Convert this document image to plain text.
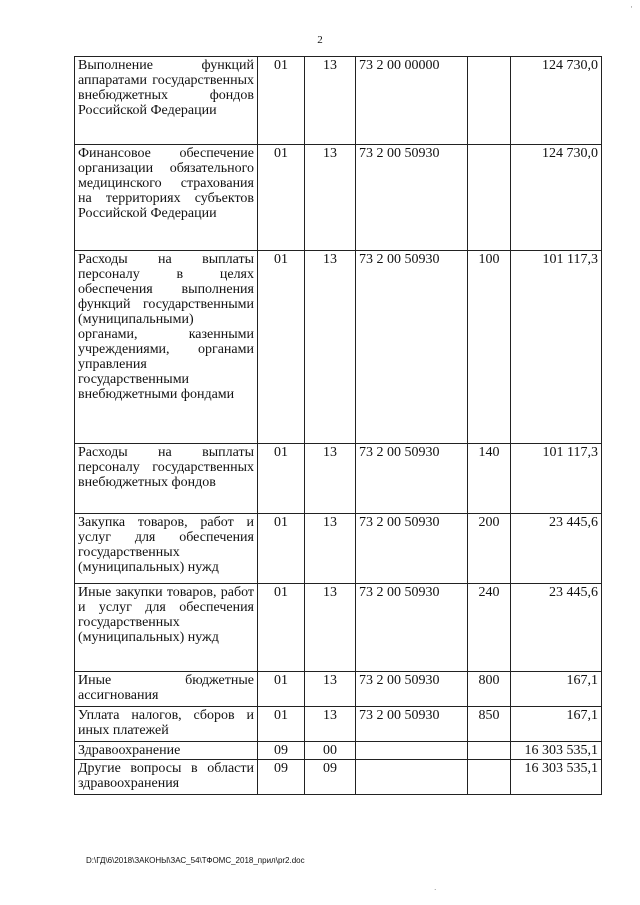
·
2
Выполнение функций аппаратами государственных внебюджетных фондов Российской Федерации	01	13	73 2 00 00000		124 730,0
Финансовое обеспечение организации обязательного медицинского страхования на территориях субъектов Российской Федерации	01	13	73 2 00 50930		124 730,0
Расходы на выплаты персоналу в целях обеспечения выполнения функций государственными (муниципальными) органами, казенными учреждениями, органами управления государственными внебюджетными фондами	01	13	73 2 00 50930	100	101 117,3
Расходы на выплаты персоналу государственных внебюджетных фондов	01	13	73 2 00 50930	140	101 117,3
Закупка товаров, работ и услуг для обеспечения государственных (муниципальных) нужд	01	13	73 2 00 50930	200	23 445,6
Иные закупки товаров, работ и услуг для обеспечения государственных (муниципальных) нужд	01	13	73 2 00 50930	240	23 445,6
Иные бюджетные ассигнования	01	13	73 2 00 50930	800	167,1
Уплата налогов, сборов и иных платежей	01	13	73 2 00 50930	850	167,1
Здравоохранение	09	00			16 303 535,1
Другие вопросы в области здравоохранения	09	09			16 303 535,1
D:\ГД\6\2018\ЗАКОНЫ\ЗАС_54\ТФОМС_2018_прил\pr2.doc
·
